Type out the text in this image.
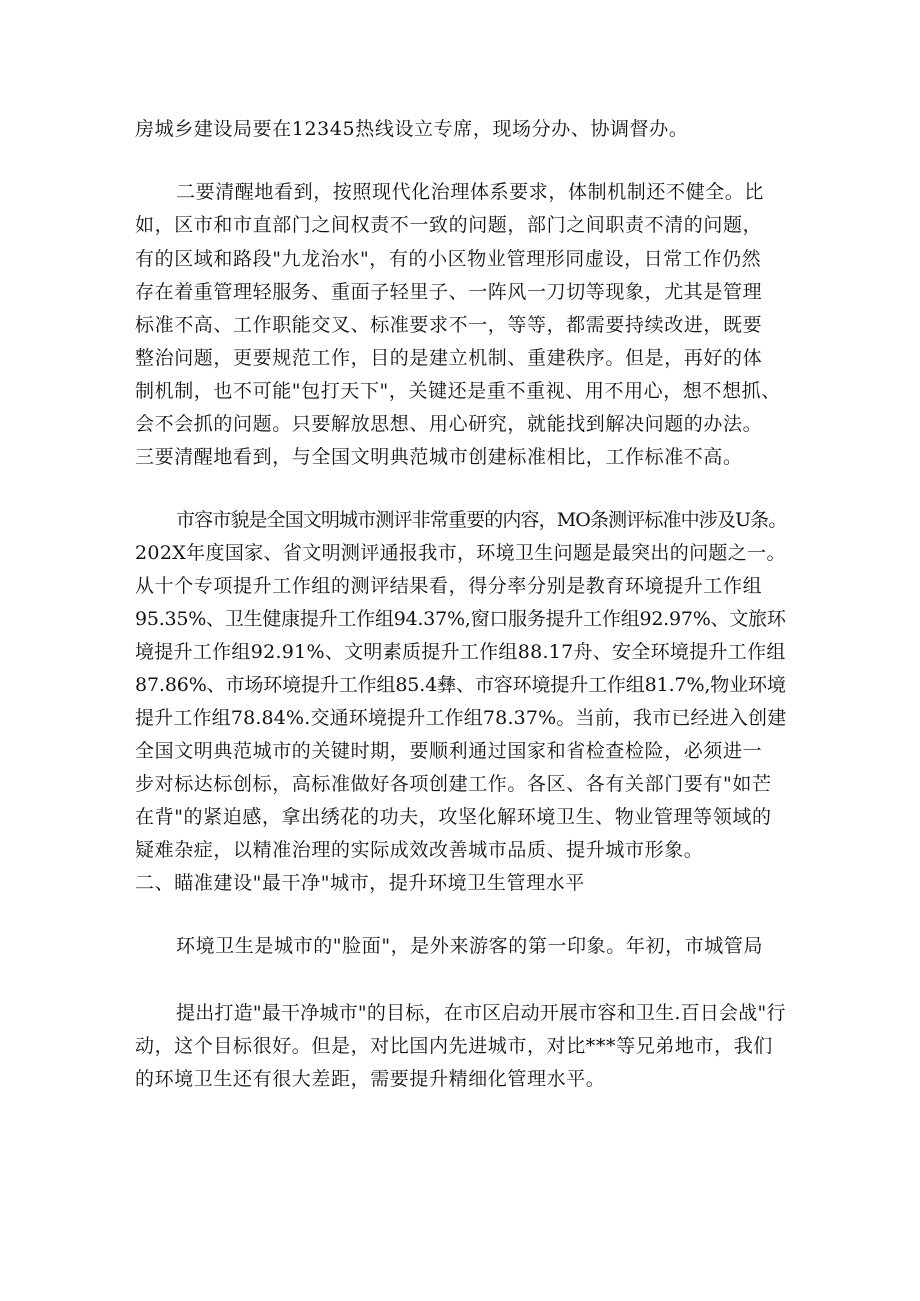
房城乡建设局要在12345热线设立专席，现场分办、协调督办。
二要清醒地看到，按照现代化治理体系要求，体制机制还不健全。比
如，区市和市直部门之间权责不一致的问题，部门之间职责不清的问题，
有的区域和路段"九龙治水"，有的小区物业管理形同虚设，日常工作仍然
存在着重管理轻服务、重面子轻里子、一阵风一刀切等现象，尤其是管理
标准不高、工作职能交叉、标准要求不一，等等，都需要持续改进，既要
整治问题，更要规范工作，目的是建立机制、重建秩序。但是，再好的体
制机制，也不可能"包打天下"，关键还是重不重视、用不用心，想不想抓、
会不会抓的问题。只要解放思想、用心研究，就能找到解决问题的办法。
三要清醒地看到，与全国文明典范城市创建标准相比，工作标准不高。
市容市貌是全国文明城市测评非常重要的内容，MO条测评标准中涉及U条。
202X年度国家、省文明测评通报我市，环境卫生问题是最突出的问题之一。
从十个专项提升工作组的测评结果看，得分率分别是教育环境提升工作组
95.35%、卫生健康提升工作组94.37%,窗口服务提升工作组92.97%、文旅环
境提升工作组92.91%、文明素质提升工作组88.17舟、安全环境提升工作组
87.86%、市场环境提升工作组85.4彝、市容环境提升工作组81.7%,物业环境
提升工作组78.84%.交通环境提升工作组78.37%。当前，我市已经进入创建
全国文明典范城市的关键时期，要顺利通过国家和省检查检险，必须进一
步对标达标创标，高标准做好各项创建工作。各区、各有关部门要有"如芒
在背"的紧迫感，拿出绣花的功夫，攻坚化解环境卫生、物业管理等领域的
疑难杂症，以精准治理的实际成效改善城市品质、提升城市形象。
二、瞄准建设"最干净"城市，提升环境卫生管理水平
环境卫生是城市的"脸面"，是外来游客的第一印象。年初，市城管局
提出打造"最干净城市"的目标，在市区启动开展市容和卫生.百日会战"行
动，这个目标很好。但是，对比国内先进城市，对比***等兄弟地市，我们
的环境卫生还有很大差距，需要提升精细化管理水平。
